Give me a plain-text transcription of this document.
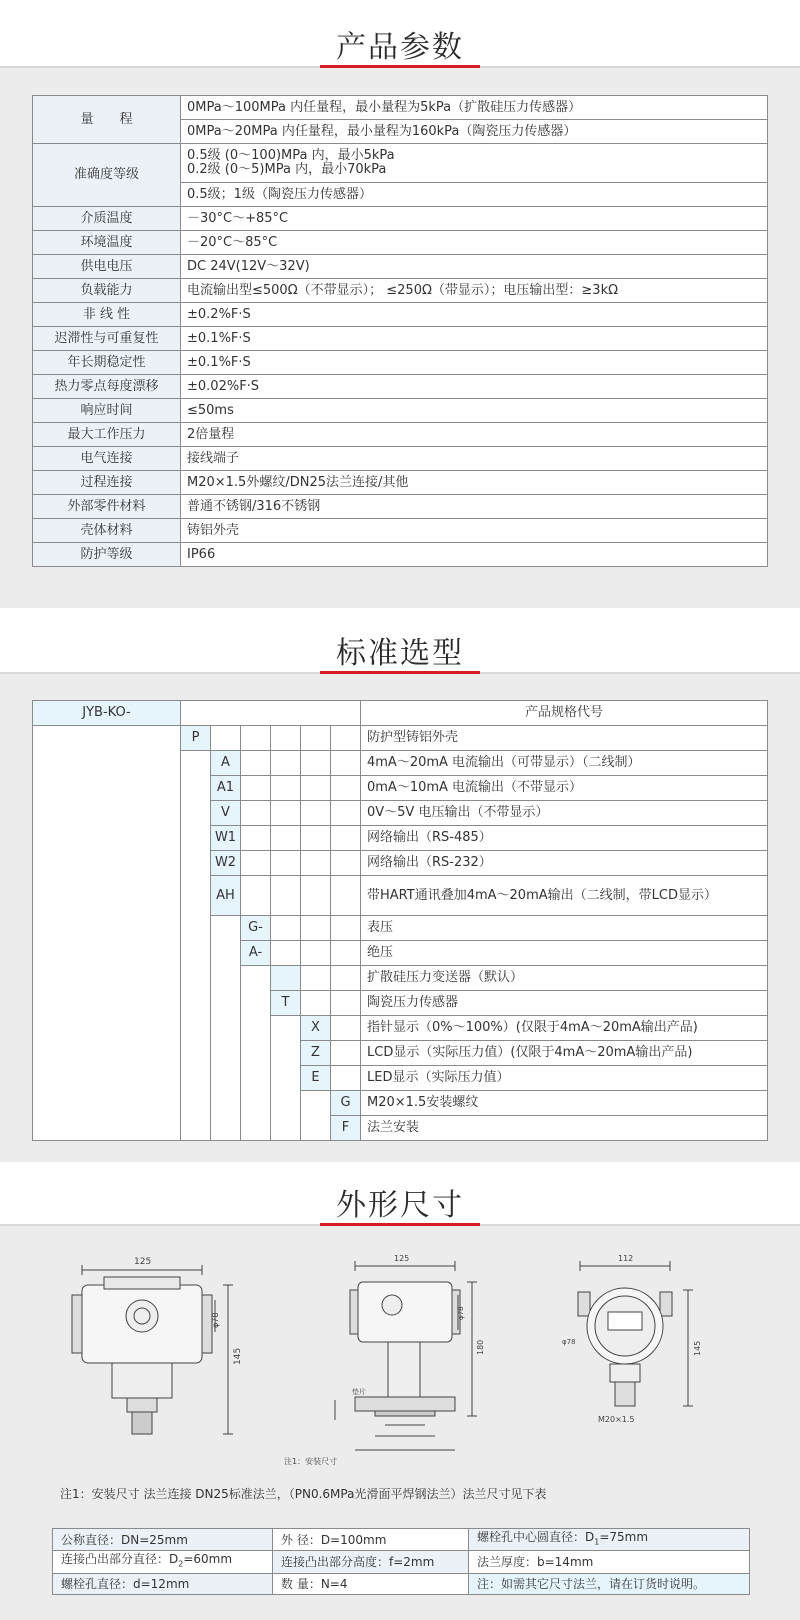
产品参数
量　　程	0MPa～100MPa 内任量程，最小量程为5kPa（扩散硅压力传感器）
	0MPa～20MPa 内任量程，最小量程为160kPa（陶瓷压力传感器）
准确度等级	0.5级 (0～100)MPa 内，最小5kPa
0.2级 (0～5)MPa 内，最小70kPa

	0.5级；1级（陶瓷压力传感器）
介质温度	－30°C～+85°C
环境温度	－20°C～85°C
供电电压	DC 24V(12V～32V)
负载能力	电流输出型≤500Ω（不带显示）； ≤250Ω（带显示）；电压输出型：≥3kΩ
非 线 性	±0.2%F·S
迟滞性与可重复性	±0.1%F·S
年长期稳定性	±0.1%F·S
热力零点每度漂移	±0.02%F·S
响应时间	≤50ms
最大工作压力	2倍量程
电气连接	接线端子
过程连接	M20×1.5外螺纹/DN25法兰连接/其他
外部零件材料	普通不锈钢/316不锈钢
壳体材料	铸铝外壳
防护等级	IP66
标准选型
JYB-KO-							产品规格代号
	P						防护型铸铝外壳
		A					4mA～20mA 电流输出（可带显示）（二线制）
		A1					0mA～10mA 电流输出（不带显示）
		V					0V～5V 电压输出（不带显示）
		W1					网络输出（RS-485）
		W2					网络输出（RS-232）
		AH					带HART通讯叠加4mA～20mA输出（二线制，带LCD显示）
			G-				表压
			A-				绝压
							扩散硅压力变送器（默认）
				T			陶瓷压力传感器
					X		指针显示（0%～100%）(仅限于4mA～20mA输出产品)
					Z		LCD显示（实际压力值）(仅限于4mA～20mA输出产品)
					E		LED显示（实际压力值）
						G	M20×1.5安装螺纹
						F	法兰安装
外形尺寸
125
φ78
145
125
φ78
180
垫片
注1：安装尺寸
112
φ78	145
M20×1.5
注1：安装尺寸 法兰连接 DN25标准法兰，（PN0.6MPa光滑面平焊钢法兰）法兰尺寸见下表
公称直径：DN=25mm	外 径：D=100mm	螺栓孔中心圆直径：$D_1=75mm$
连接凸出部分直径：$D_2=60mm$	连接凸出部分高度：f=2mm	法兰厚度：b=14mm
螺栓孔直径：d=12mm	数 量：N=4	注：如需其它尺寸法兰，请在订货时说明。
